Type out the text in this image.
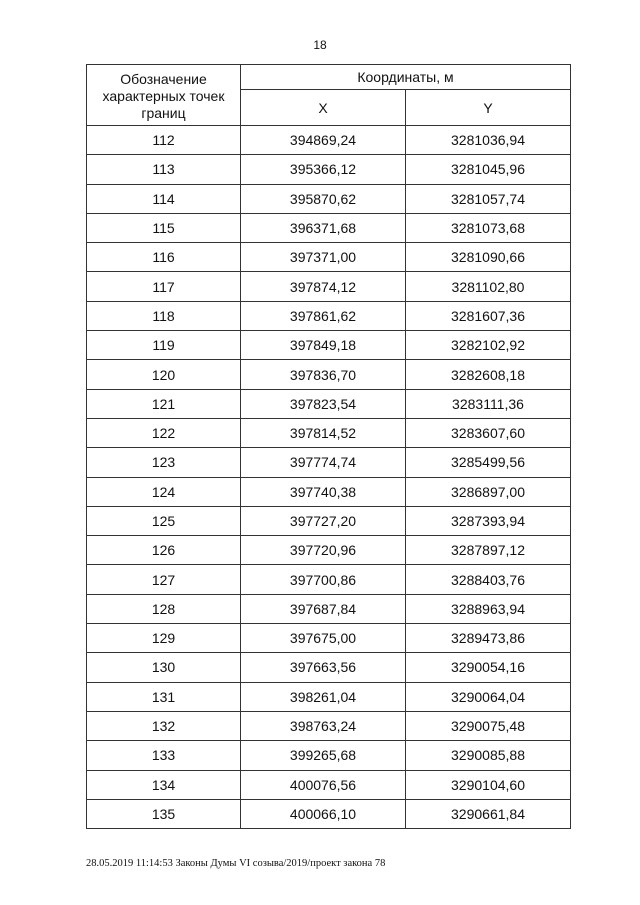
18
Обозначение характерных точек границ	Координаты, м	
	X	Y
112	394869,24	3281036,94
113	395366,12	3281045,96
114	395870,62	3281057,74
115	396371,68	3281073,68
116	397371,00	3281090,66
117	397874,12	3281102,80
118	397861,62	3281607,36
119	397849,18	3282102,92
120	397836,70	3282608,18
121	397823,54	3283111,36
122	397814,52	3283607,60
123	397774,74	3285499,56
124	397740,38	3286897,00
125	397727,20	3287393,94
126	397720,96	3287897,12
127	397700,86	3288403,76
128	397687,84	3288963,94
129	397675,00	3289473,86
130	397663,56	3290054,16
131	398261,04	3290064,04
132	398763,24	3290075,48
133	399265,68	3290085,88
134	400076,56	3290104,60
135	400066,10	3290661,84
28.05.2019 11:14:53 Законы Думы VI созыва/2019/проект закона 78
